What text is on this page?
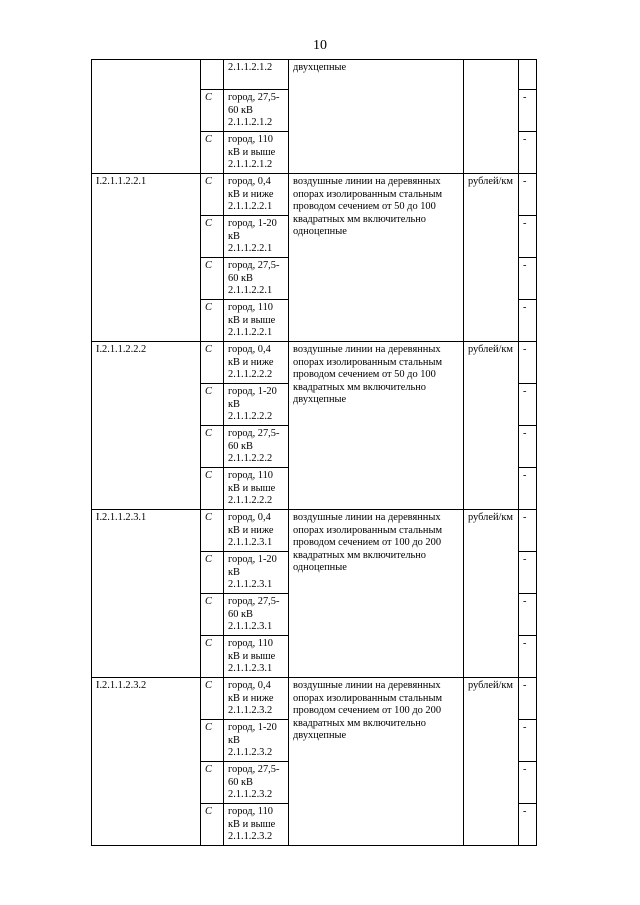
10
		2.1.1.2.1.2	двухцепные		
	С	город, 27,5-60 кВ 2.1.1.2.1.2			-
	С	город, 110 кВ и выше 2.1.1.2.1.2			-
I.2.1.1.2.2.1	С	город, 0,4 кВ и ниже 2.1.1.2.2.1	воздушные линии на деревянных опорах изолированным стальным проводом сечением от 50 до 100 квадратных мм включительно одноцепные	рублей/км	-
	С	город, 1-20 кВ 2.1.1.2.2.1			-
	С	город, 27,5-60 кВ 2.1.1.2.2.1			-
	С	город, 110 кВ и выше 2.1.1.2.2.1			-
I.2.1.1.2.2.2	С	город, 0,4 кВ и ниже 2.1.1.2.2.2	воздушные линии на деревянных опорах изолированным стальным проводом сечением от 50 до 100 квадратных мм включительно двухцепные	рублей/км	-
	С	город, 1-20 кВ 2.1.1.2.2.2			-
	С	город, 27,5-60 кВ 2.1.1.2.2.2			-
	С	город, 110 кВ и выше 2.1.1.2.2.2			-
I.2.1.1.2.3.1	С	город, 0,4 кВ и ниже 2.1.1.2.3.1	воздушные линии на деревянных опорах изолированным стальным проводом сечением от 100 до 200 квадратных мм включительно одноцепные	рублей/км	-
	С	город, 1-20 кВ 2.1.1.2.3.1			-
	С	город, 27,5-60 кВ 2.1.1.2.3.1			-
	С	город, 110 кВ и выше 2.1.1.2.3.1			-
I.2.1.1.2.3.2	С	город, 0,4 кВ и ниже 2.1.1.2.3.2	воздушные линии на деревянных опорах изолированным стальным проводом сечением от 100 до 200 квадратных мм включительно двухцепные	рублей/км	-
	С	город, 1-20 кВ 2.1.1.2.3.2			-
	С	город, 27,5-60 кВ 2.1.1.2.3.2			-
	С	город, 110 кВ и выше 2.1.1.2.3.2			-
